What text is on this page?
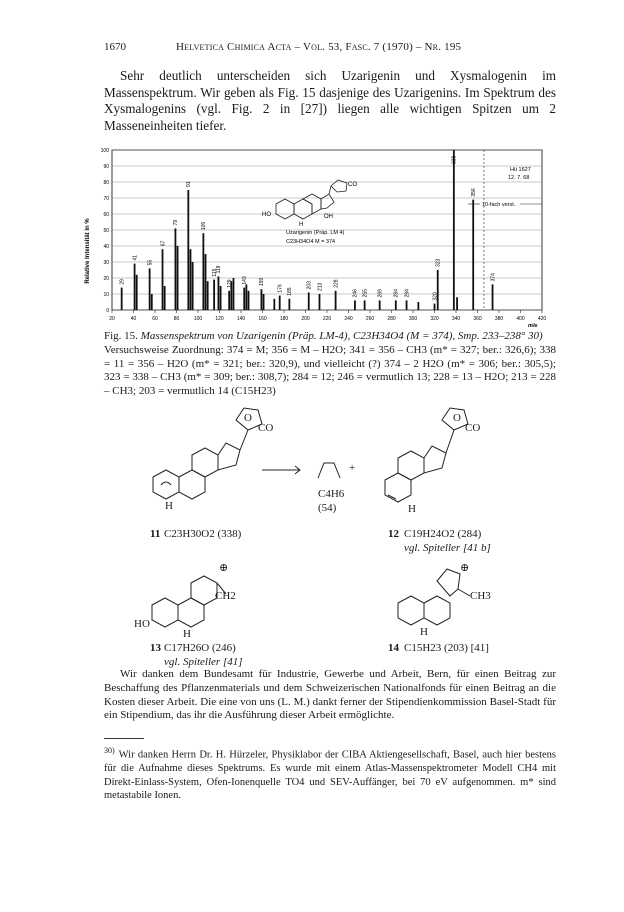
1670	Helvetica Chimica Acta – Vol. 53, Fasc. 7 (1970) – Nr. 195

Sehr deutlich unterscheiden sich Uzarigenin und Xysmalogenin im Massenspektrum. Wir geben als Fig. 15 dasjenige des Uzarigenins. Im Spektrum des Xysmalogenins (vgl. Fig. 2 in [27]) liegen alle wichtigen Spitzen um 2 Masseneinheiten tiefer.

0
10
20
30
40
50
60
70
80
90
100
20	40	60	80	100	120	140	160	180	200	220	240	260	280	300	320	340	360	380	400	420
29
41
55
67
79
91
105
115
119
129 143 159
176 185
203 213 228
246 255 269 284 294	320
323
338
356
374
Relative Intensität in %
HO	OH
CO
H
Uzarigenin (Präp. LM 4)
C23H34O4 M = 374
Hü 1627
12. 7. 68
10-fach verst.
m/e

Fig. 15. Massenspektrum von Uzarigenin (Präp. LM-4), C23H34O4 (M = 374), Smp. 233–238° 30)

Versuchsweise Zuordnung: 374 = M; 356 = M – H2O; 341 = 356 – CH3 (m* = 327; ber.: 326,6); 338 = 11 = 356 – H2O (m* = 321; ber.: 320,9), und vielleicht (?) 374 – 2 H2O (m* = 306; ber.: 305,5); 323 = 338 – CH3 (m* = 309; ber.: 308,7); 284 = 12; 246 = vermutlich 13; 228 = 13 – H2O; 213 = 228 – CH3; 203 = vermutlich 14 (C15H23)

CO
O
H
O
CO
H
+
C4H6
(54)
11 C23H30O2 (338)	12 C19H24O2 (284)
vgl. Spiteller [41 b]
HO
CH2
⊕
H
CH3
⊕
H
13 C17H26O (246)
vgl. Spiteller [41]
14 C15H23 (203) [41]

Wir danken dem Bundesamt für Industrie, Gewerbe und Arbeit, Bern, für einen Beitrag zur Beschaffung des Pflanzenmaterials und dem Schweizerischen Nationalfonds für einen Beitrag an die Kosten dieser Arbeit. Die eine von uns (L. M.) dankt ferner der Stipendienkommission Basel-Stadt für ein Stipendium, das ihr die Ausführung dieser Arbeit ermöglichte.

$^{30)}$ Wir danken Herrn Dr. H. Hürzeler, Physiklabor der CIBA Aktiengesellschaft, Basel, auch hier bestens für die Aufnahme dieses Spektrums. Es wurde mit einem Atlas-Massenspektrometer Modell CH4 mit Direkt-Einlass-System, Ofen-Ionenquelle TO4 und SEV-Auffänger, bei 70 eV aufgenommen. m* sind metastabile Ionen.
